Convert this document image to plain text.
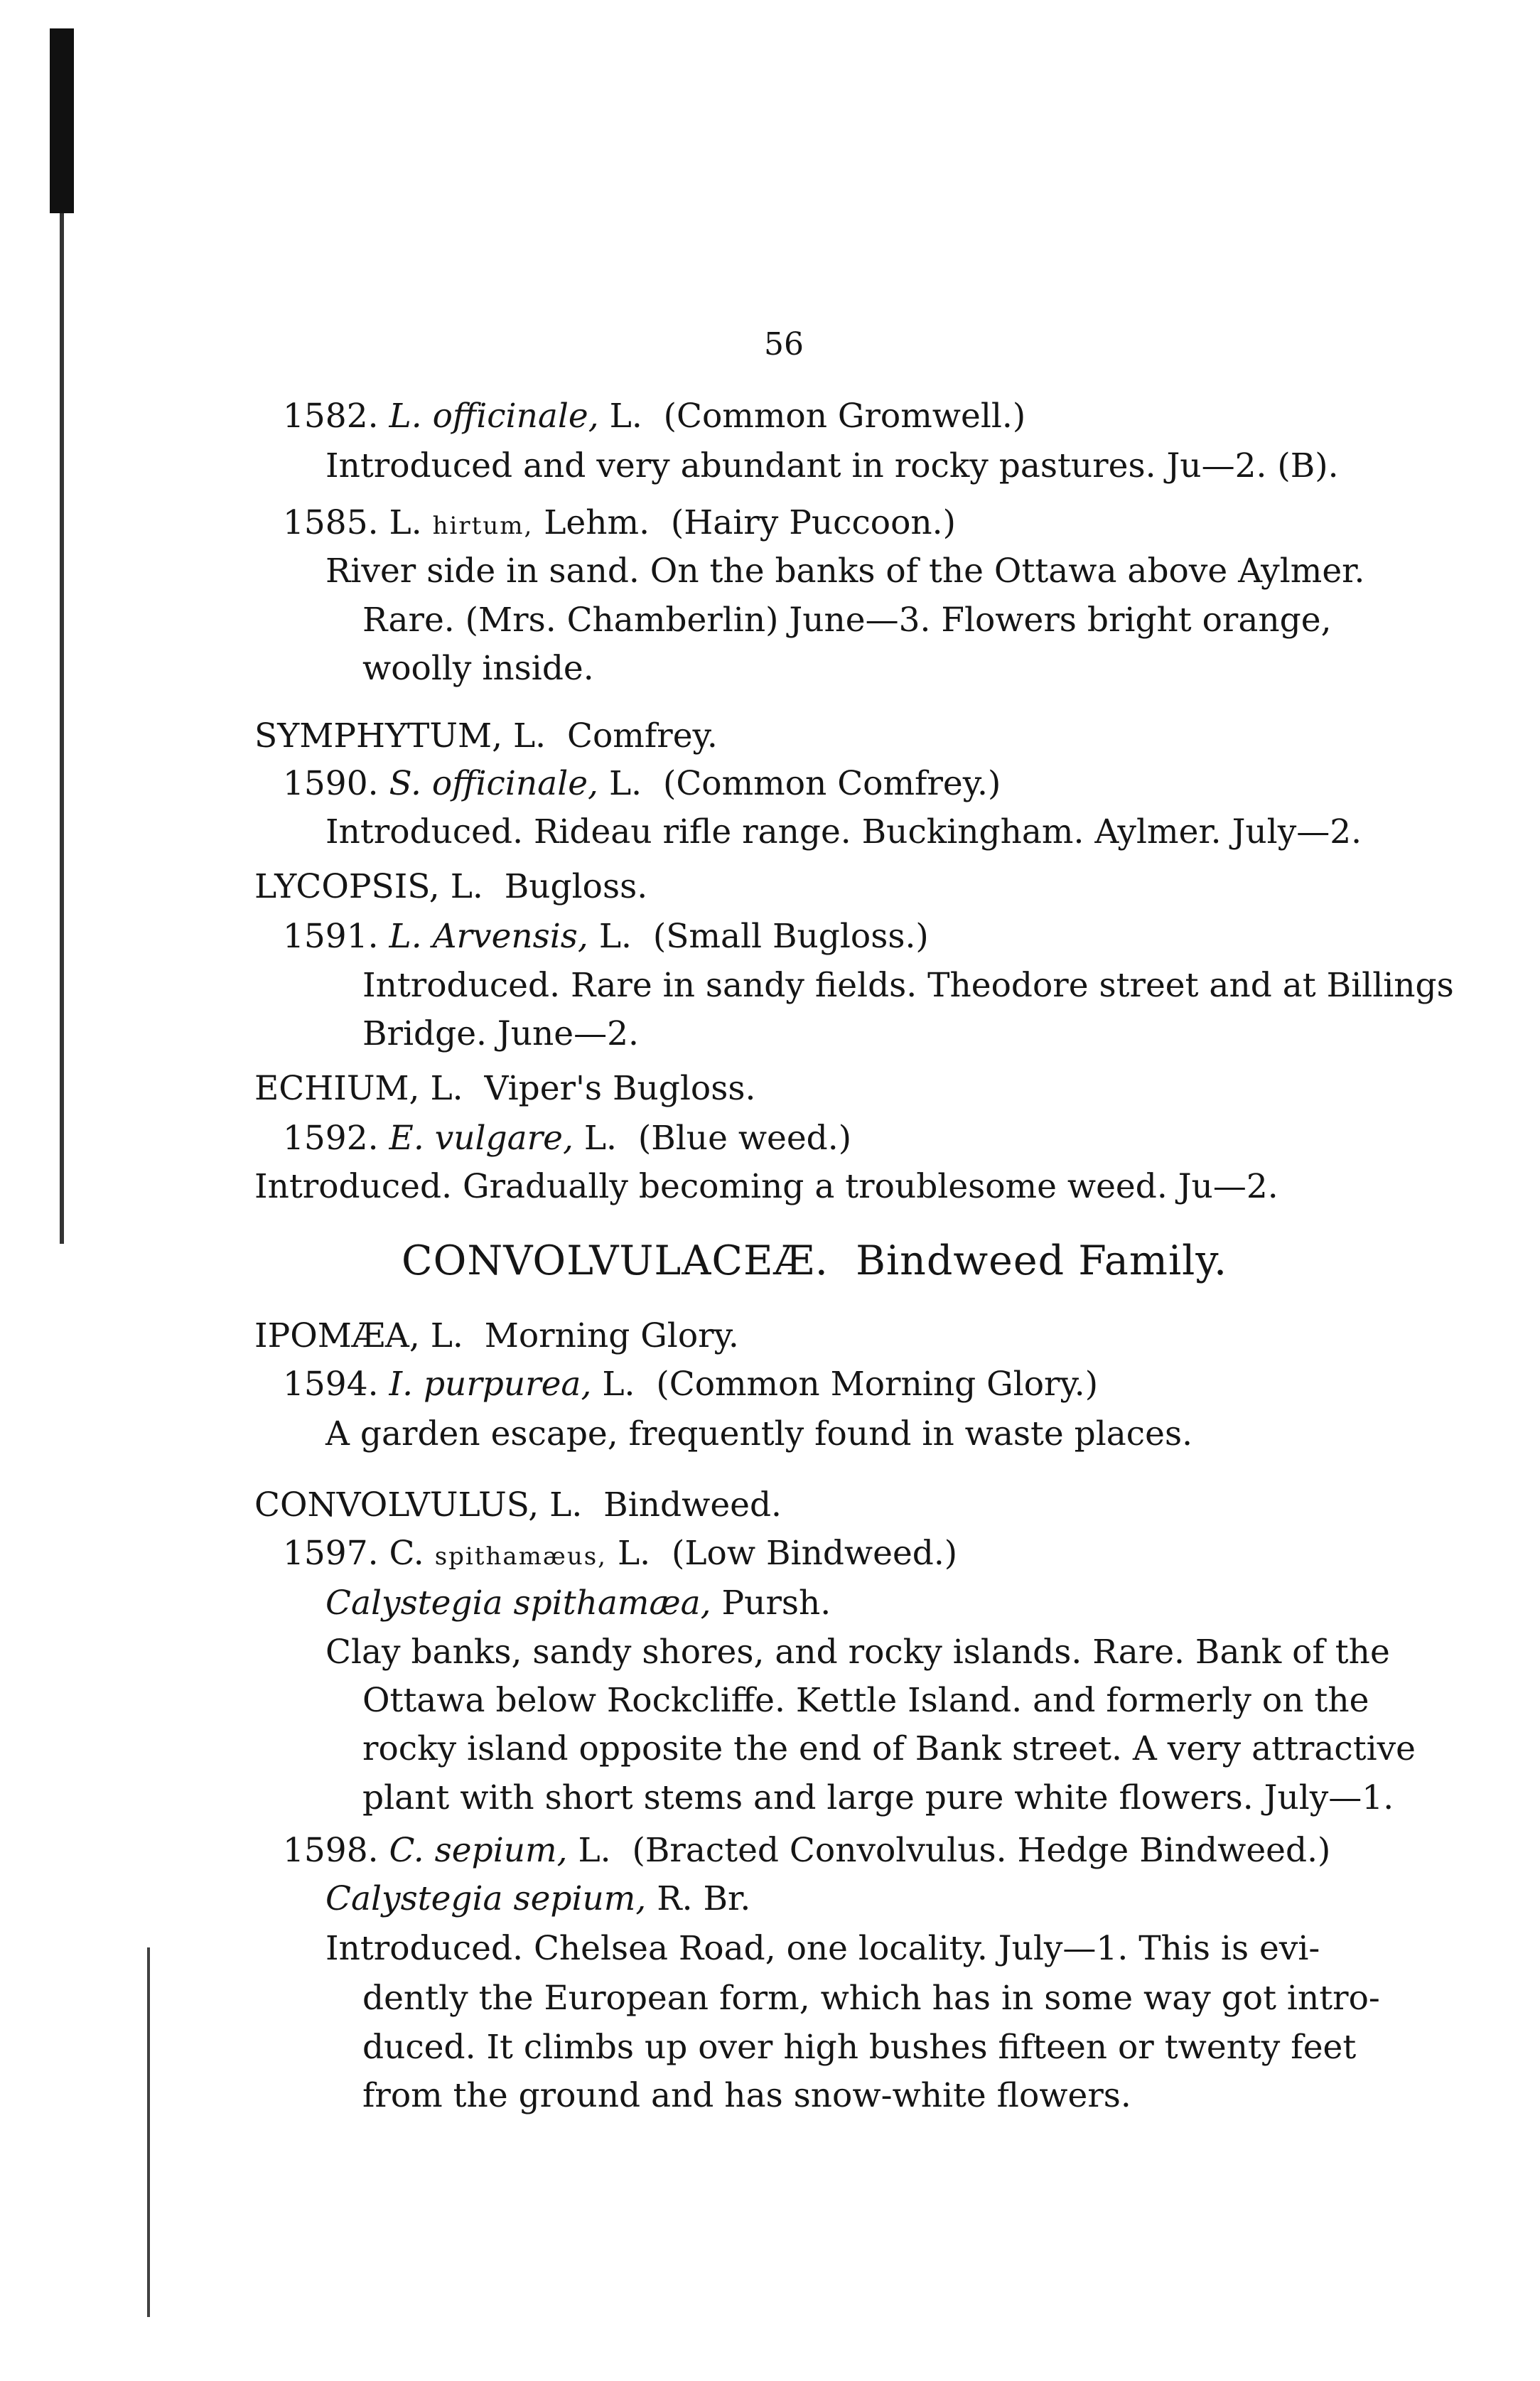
56
1582. L. officinale, L. (Common Gromwell.)
Introduced and very abundant in rocky pastures. Ju—2. (B).
1585. L. hirtum, Lehm. (Hairy Puccoon.)
River side in sand. On the banks of the Ottawa above Aylmer.
Rare. (Mrs. Chamberlin) June—3. Flowers bright orange,
woolly inside.
SYMPHYTUM, L. Comfrey.
1590. S. officinale, L. (Common Comfrey.)
Introduced. Rideau rifle range. Buckingham. Aylmer. July—2.
LYCOPSIS, L. Bugloss.
1591. L. Arvensis, L. (Small Bugloss.)
Introduced. Rare in sandy fields. Theodore street and at Billings
Bridge. June—2.
ECHIUM, L. Viper's Bugloss.
1592. E. vulgare, L. (Blue weed.)
Introduced. Gradually becoming a troublesome weed. Ju—2.
CONVOLVULACEÆ. Bindweed Family.
IPOMÆA, L. Morning Glory.
1594. I. purpurea, L. (Common Morning Glory.)
A garden escape, frequently found in waste places.
CONVOLVULUS, L. Bindweed.
1597. C. spithamæus, L. (Low Bindweed.)
Calystegia spithamæa, Pursh.
Clay banks, sandy shores, and rocky islands. Rare. Bank of the
Ottawa below Rockcliffe. Kettle Island. and formerly on the
rocky island opposite the end of Bank street. A very attractive
plant with short stems and large pure white flowers. July—1.
1598. C. sepium, L. (Bracted Convolvulus. Hedge Bindweed.)
Calystegia sepium, R. Br.
Introduced. Chelsea Road, one locality. July—1. This is evi-
dently the European form, which has in some way got intro-
duced. It climbs up over high bushes fifteen or twenty feet
from the ground and has snow-white flowers.
